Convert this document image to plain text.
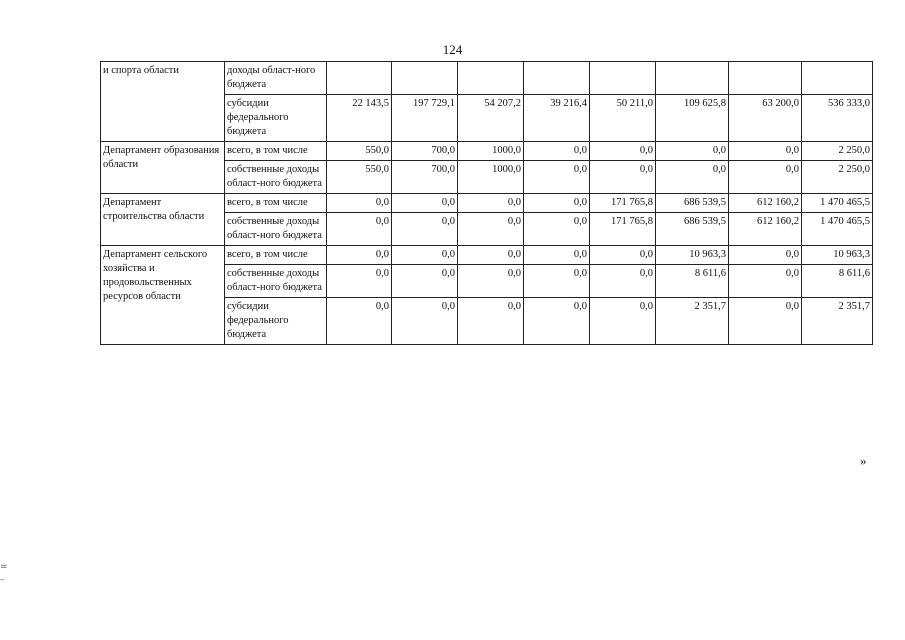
124
и спорта области	доходы област-ного бюджета								
	субсидии федерального бюджета	22 143,5	197 729,1	54 207,2	39 216,4	50 211,0	109 625,8	63 200,0	536 333,0
Департамент образования области	всего, в том числе	550,0	700,0	1000,0	0,0	0,0	0,0	0,0	2 250,0
	собственные доходы област-ного бюджета	550,0	700,0	1000,0	0,0	0,0	0,0	0,0	2 250,0
Департамент строительства области	всего, в том числе	0,0	0,0	0,0	0,0	171 765,8	686 539,5	612 160,2	1 470 465,5
	собственные доходы област-ного бюджета	0,0	0,0	0,0	0,0	171 765,8	686 539,5	612 160,2	1 470 465,5
Департамент сельского хозяйства и продовольственных ресурсов области	всего, в том числе	0,0	0,0	0,0	0,0	0,0	10 963,3	0,0	10 963,3
	собственные доходы област-ного бюджета	0,0	0,0	0,0	0,0	0,0	8 611,6	0,0	8 611,6
	субсидии федерального бюджета	0,0	0,0	0,0	0,0	0,0	2 351,7	0,0	2 351,7
»
=
–
